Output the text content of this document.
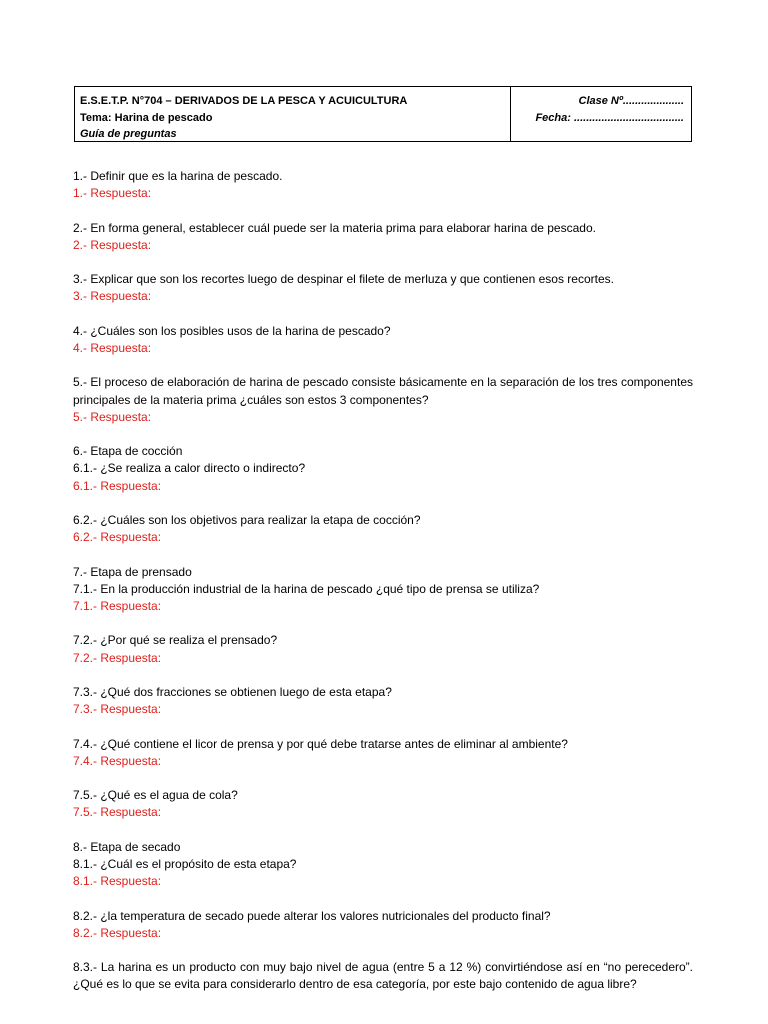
E.S.E.T.P. N°704 – DERIVADOS DE LA PESCA Y ACUICULTURA
Tema: Harina de pescado
Guía de preguntas
Clase Nº....................
Fecha: ....................................
1.- Definir que es la harina de pescado.
1.- Respuesta:
2.- En forma general, establecer cuál puede ser la materia prima para elaborar harina de pescado.
2.- Respuesta:
3.- Explicar que son los recortes luego de despinar el filete de merluza y que contienen esos recortes.
3.- Respuesta:
4.- ¿Cuáles son los posibles usos de la harina de pescado?
4.- Respuesta:
5.- El proceso de elaboración de harina de pescado consiste básicamente en la separación de los tres componentes principales de la materia prima ¿cuáles son estos 3 componentes?
5.- Respuesta:
6.- Etapa de cocción
6.1.- ¿Se realiza a calor directo o indirecto?
6.1.- Respuesta:
6.2.- ¿Cuáles son los objetivos para realizar la etapa de cocción?
6.2.- Respuesta:
7.- Etapa de prensado
7.1.- En la producción industrial de la harina de pescado ¿qué tipo de prensa se utiliza?
7.1.- Respuesta:
7.2.- ¿Por qué se realiza el prensado?
7.2.- Respuesta:
7.3.- ¿Qué dos fracciones se obtienen luego de esta etapa?
7.3.- Respuesta:
7.4.- ¿Qué contiene el licor de prensa y por qué debe tratarse antes de eliminar al ambiente?
7.4.- Respuesta:
7.5.- ¿Qué es el agua de cola?
7.5.- Respuesta:
8.- Etapa de secado
8.1.- ¿Cuál es el propósito de esta etapa?
8.1.- Respuesta:
8.2.- ¿la temperatura de secado puede alterar los valores nutricionales del producto final?
8.2.- Respuesta:
8.3.- La harina es un producto con muy bajo nivel de agua (entre 5 a 12 %) convirtiéndose así en “no perecedero”. ¿Qué es lo que se evita para considerarlo dentro de esa categoría, por este bajo contenido de agua libre?
